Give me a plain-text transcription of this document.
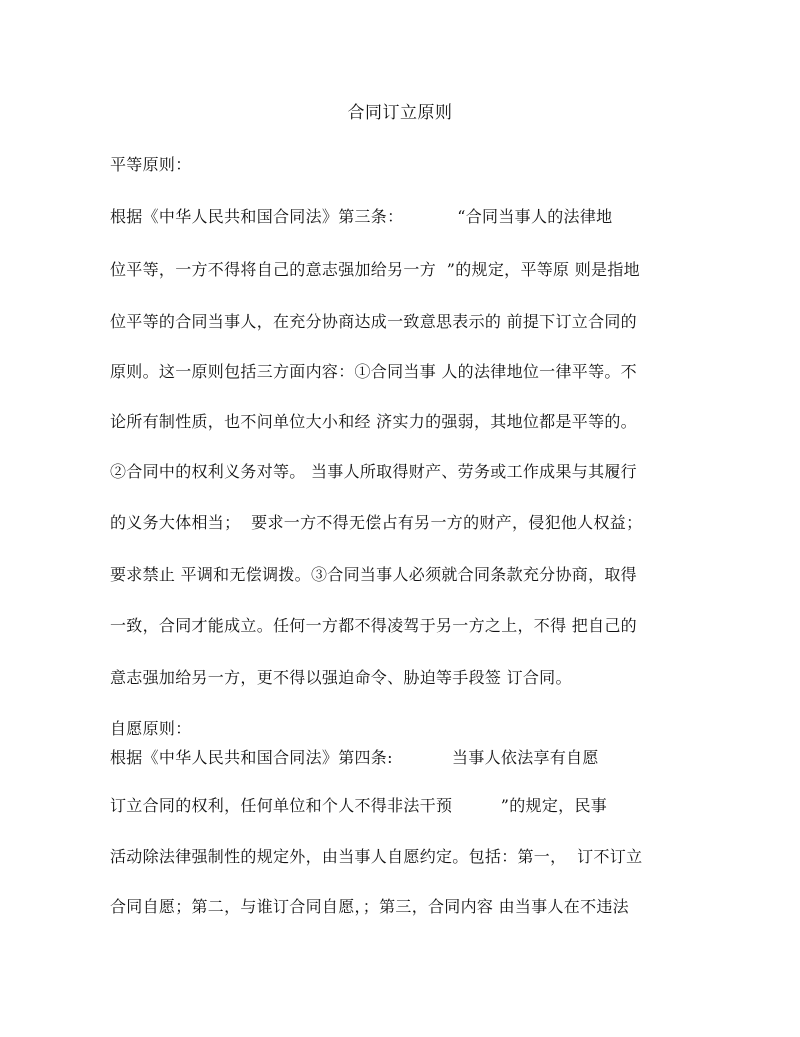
合同订立原则
平等原则：
根据《中华人民共和国合同法》第三条：          “合同当事人的法律地
位平等，一方不得将自己的意志强加给另一方  ”的规定，平等原 则是指地
位平等的合同当事人，在充分协商达成一致意思表示的 前提下订立合同的
原则。这一原则包括三方面内容：①合同当事 人的法律地位一律平等。不
论所有制性质，也不问单位大小和经 济实力的强弱，其地位都是平等的。
②合同中的权利义务对等。 当事人所取得财产、劳务或工作成果与其履行
的义务大体相当；  要求一方不得无偿占有另一方的财产，侵犯他人权益；
要求禁止 平调和无偿调拨。③合同当事人必须就合同条款充分协商，取得
一致，合同才能成立。任何一方都不得凌驾于另一方之上，不得 把自己的
意志强加给另一方，更不得以强迫命令、胁迫等手段签 订合同。
自愿原则：
根据《中华人民共和国合同法》第四条:           当事人依法享有自愿
订立合同的权利，任何单位和个人不得非法干预         ”的规定，民事
活动除法律强制性的规定外，由当事人自愿约定。包括：第一，  订不订立
合同自愿；第二，与谁订合同自愿，；第三，合同内容 由当事人在不违法
